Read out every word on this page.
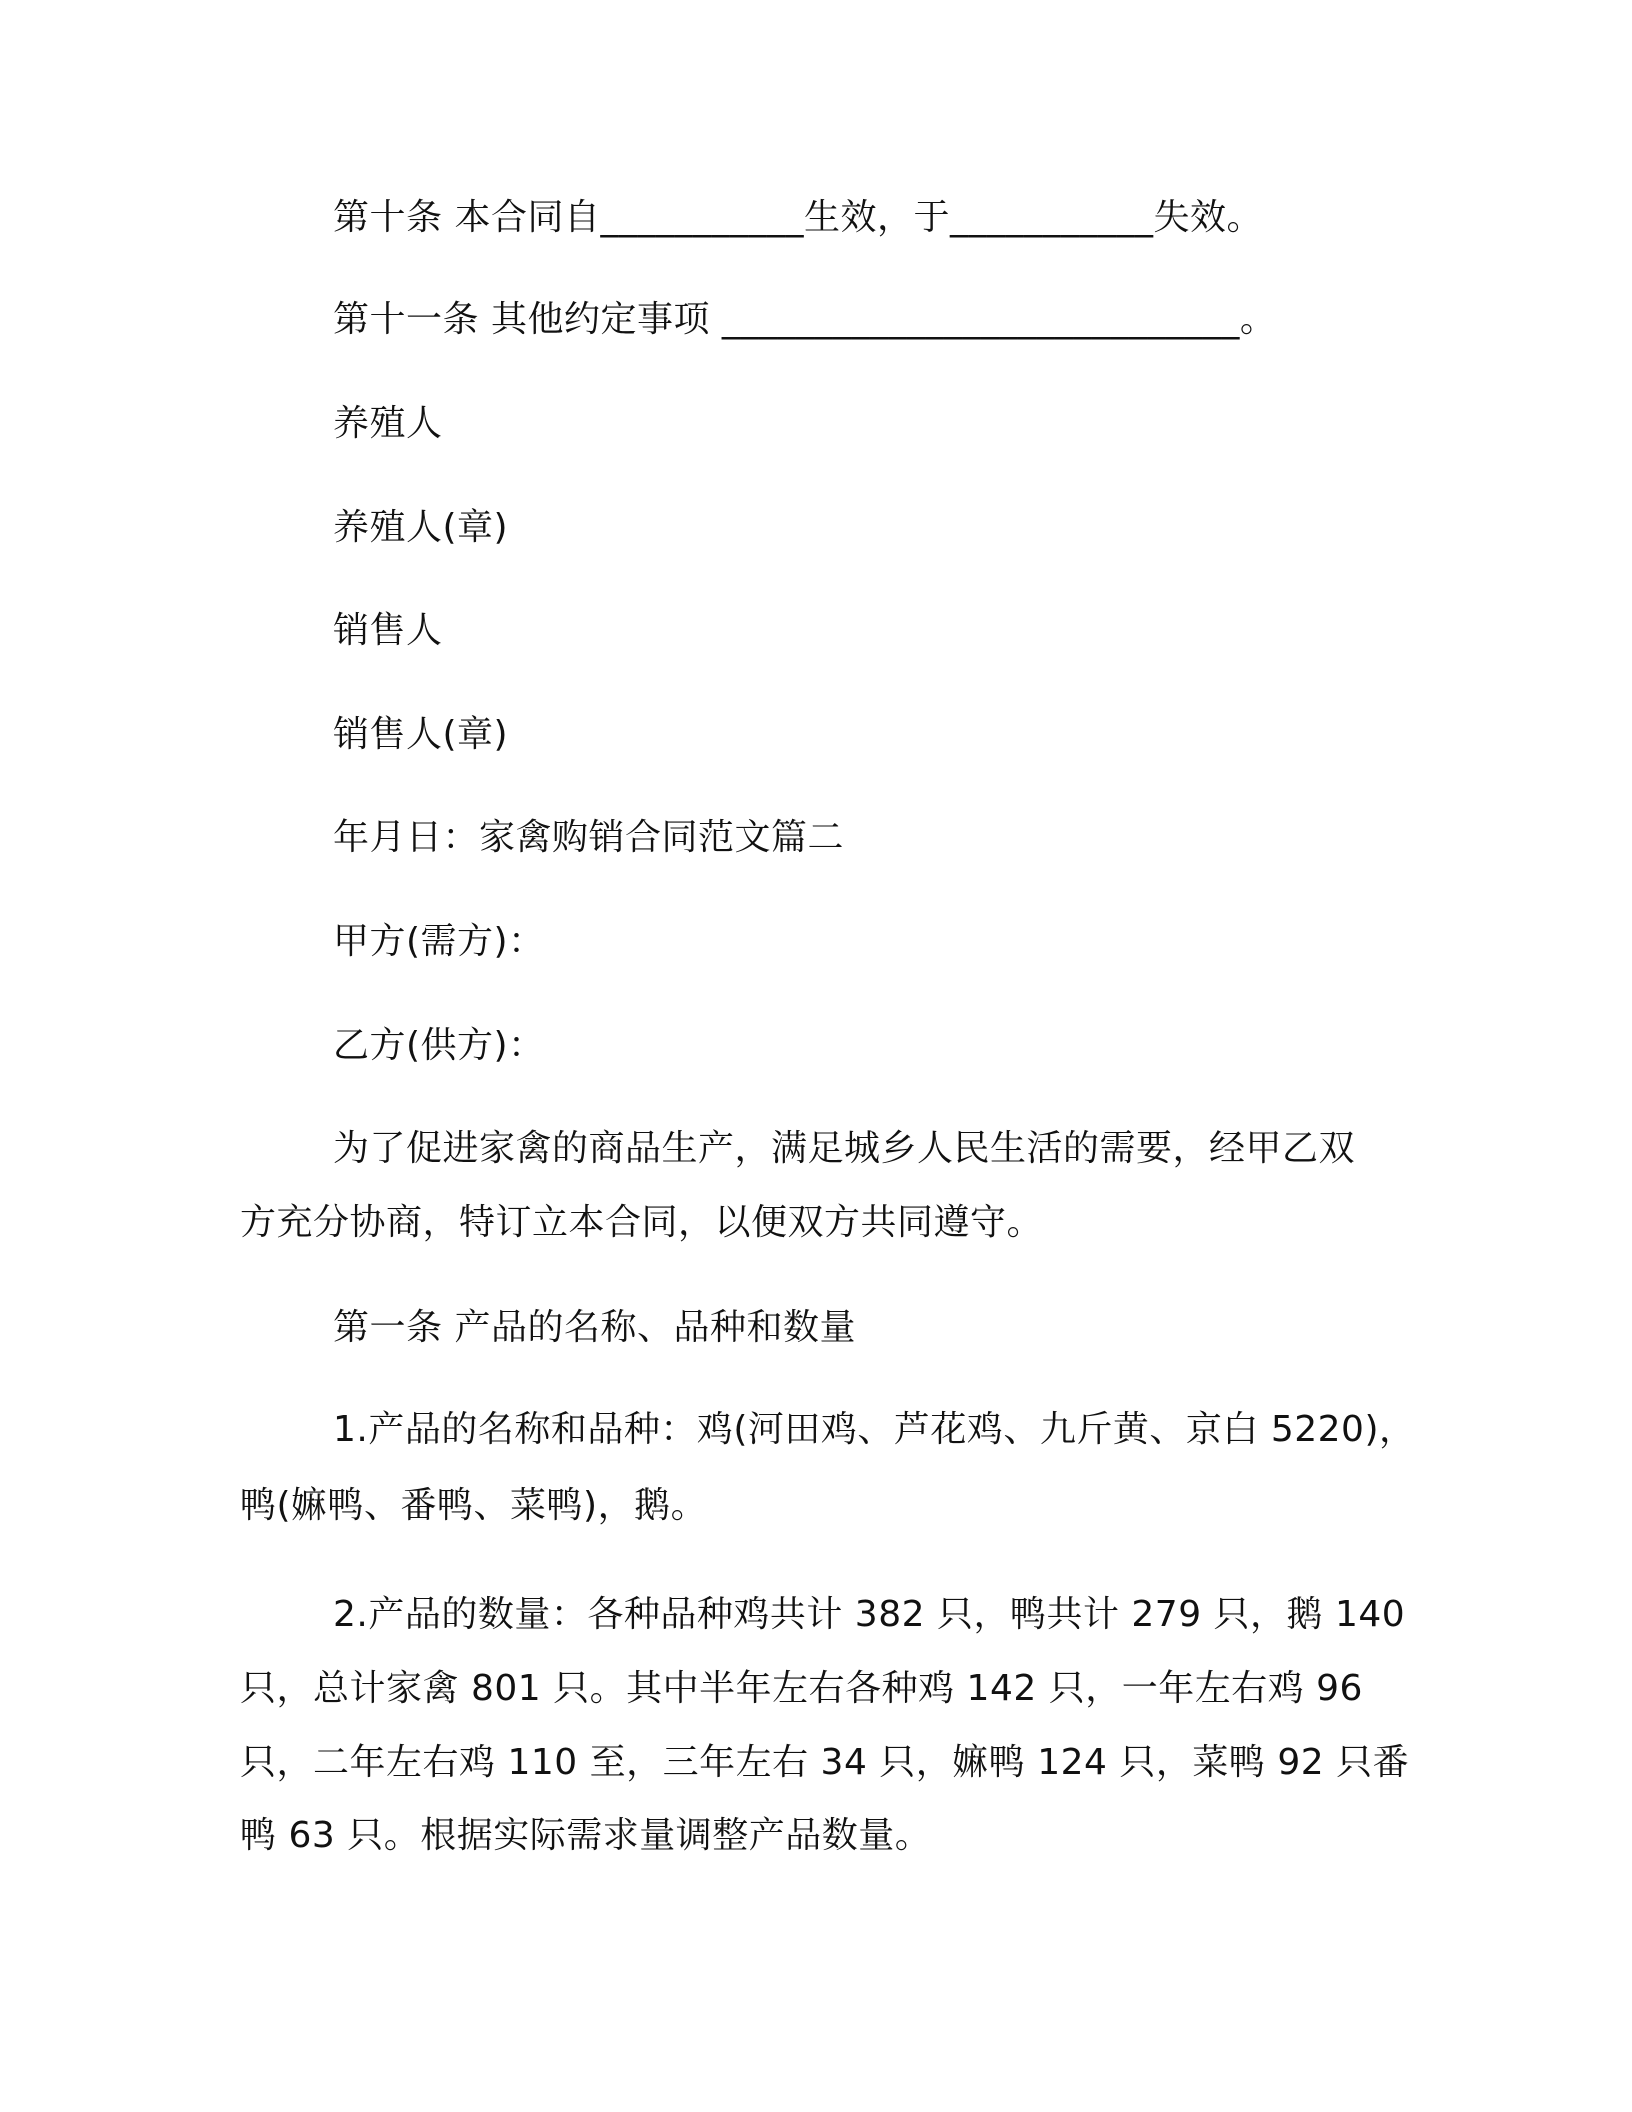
第十条 本合同自___________生效，于___________失效。
第十一条 其他约定事项 ____________________________。
养殖人
养殖人(章)
销售人
销售人(章)
年月日：家禽购销合同范文篇二
甲方(需方)：
乙方(供方)：
为了促进家禽的商品生产，满足城乡人民生活的需要，经甲乙双
方充分协商，特订立本合同，以便双方共同遵守。
第一条 产品的名称、品种和数量
1.产品的名称和品种：鸡(河田鸡、芦花鸡、九斤黄、京白 5220)，
鸭(嫲鸭、番鸭、菜鸭)，鹅。
2.产品的数量：各种品种鸡共计 382 只，鸭共计 279 只，鹅 140
只，总计家禽 801 只。其中半年左右各种鸡 142 只，一年左右鸡 96
只，二年左右鸡 110 至，三年左右 34 只，嫲鸭 124 只，菜鸭 92 只番
鸭 63 只。根据实际需求量调整产品数量。
